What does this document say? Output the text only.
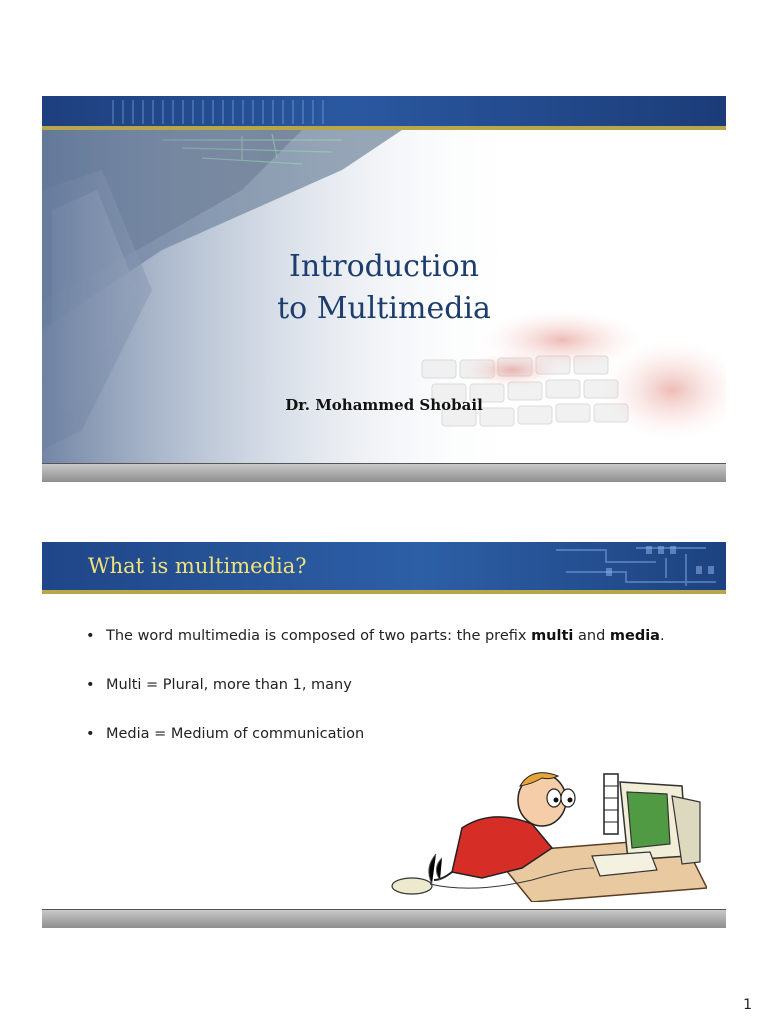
Introduction
to Multimedia
Dr. Mohammed Shobail
What is multimedia?
• The word multimedia is composed of two parts: the prefix multi and media.
• Multi = Plural, more than 1, many
• Media = Medium of communication
1
